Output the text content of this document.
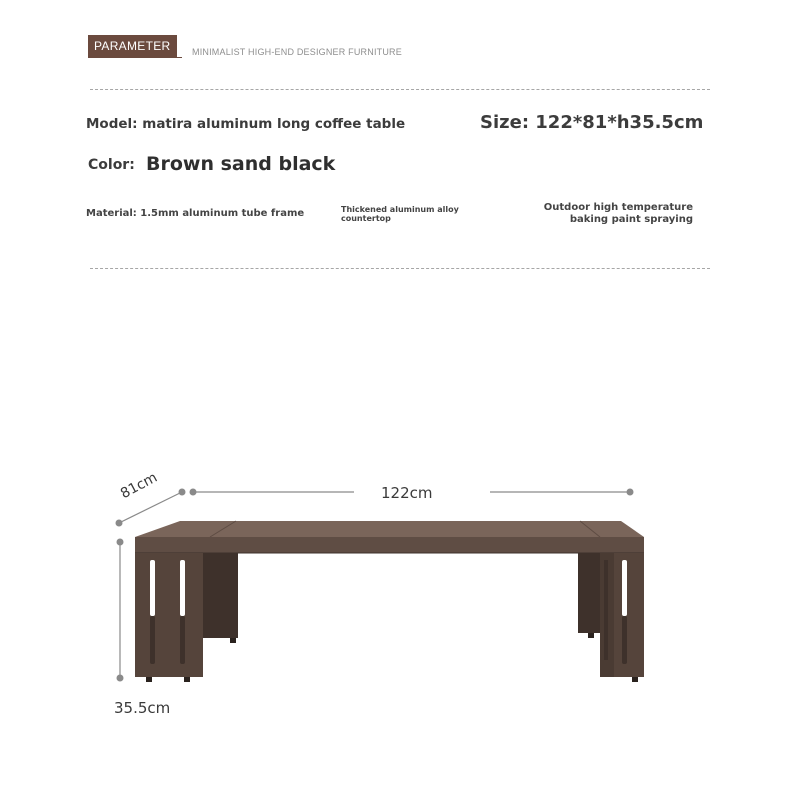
PARAMETER	MINIMALIST HIGH-END DESIGNER FURNITURE
Model: matira aluminum long coffee table	Size: 122*81*h35.5cm
Color: Brown sand black
Material: 1.5mm aluminum tube frame	Thickened aluminum alloy countertop
Outdoor high temperature baking paint spraying
122cm
81cm
35.5cm
